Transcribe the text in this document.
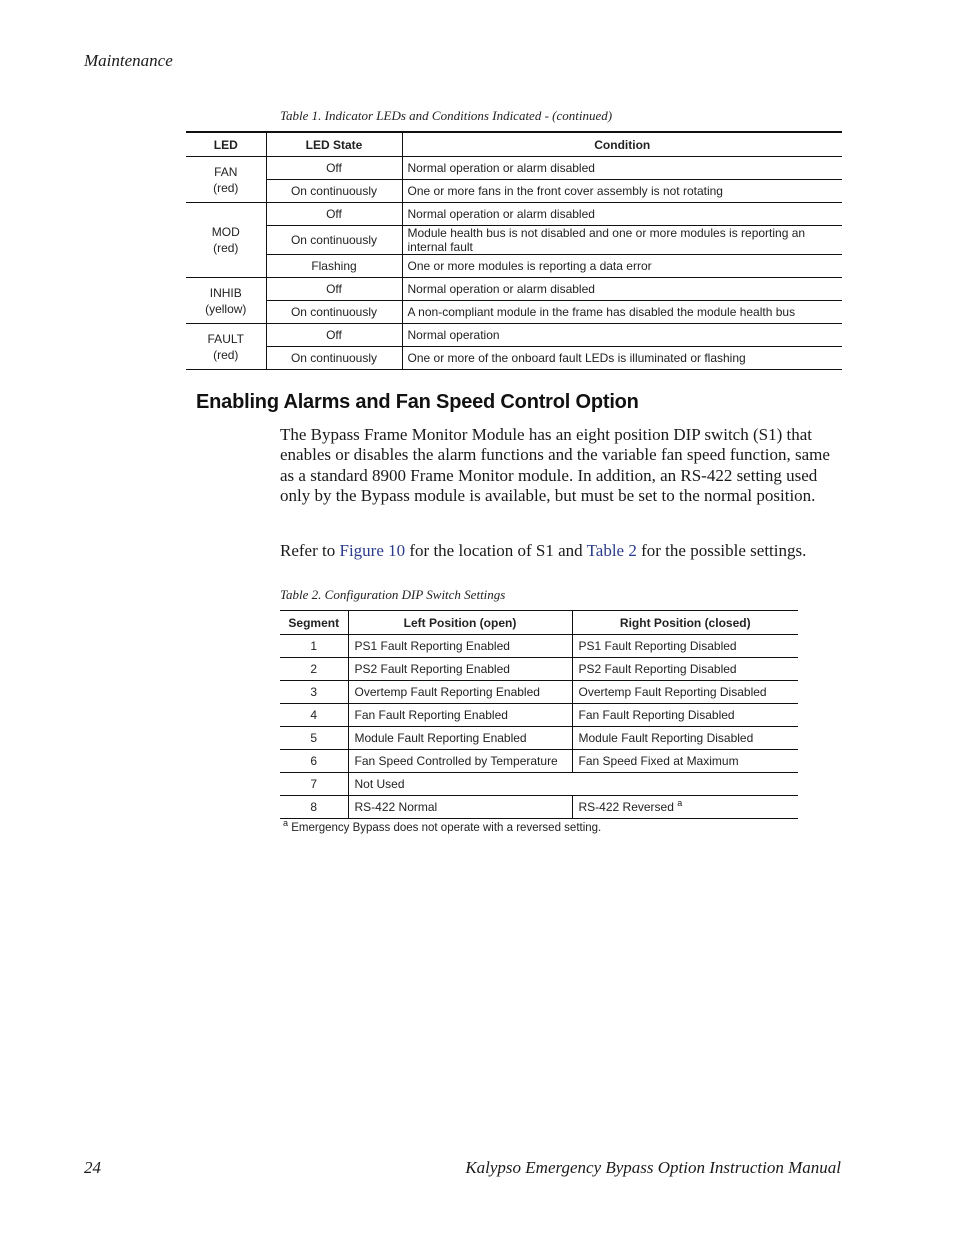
Maintenance
Table 1. Indicator LEDs and Conditions Indicated - (continued)
LED	LED State	Condition
FAN
(red)	Off	Normal operation or alarm disabled
	On continuously	One or more fans in the front cover assembly is not rotating
MOD
(red)	Off	Normal operation or alarm disabled
	On continuously	Module health bus is not disabled and one or more modules is reporting an internal fault
	Flashing	One or more modules is reporting a data error
INHIB
(yellow)	Off	Normal operation or alarm disabled
	On continuously	A non-compliant module in the frame has disabled the module health bus
FAULT
(red)	Off	Normal operation
	On continuously	One or more of the onboard fault LEDs is illuminated or flashing
Enabling Alarms and Fan Speed Control Option

The Bypass Frame Monitor Module has an eight position DIP switch (S1) that enables or disables the alarm functions and the variable fan speed function, same as a standard 8900 Frame Monitor module. In addition, an RS-422 setting used only by the Bypass module is available, but must be set to the normal position.

Refer to Figure 10 for the location of S1 and Table 2 for the possible settings.

Table 2. Configuration DIP Switch Settings
Segment	Left Position (open)	Right Position (closed)
1	PS1 Fault Reporting Enabled	PS1 Fault Reporting Disabled
2	PS2 Fault Reporting Enabled	PS2 Fault Reporting Disabled
3	Overtemp Fault Reporting Enabled	Overtemp Fault Reporting Disabled
4	Fan Fault Reporting Enabled	Fan Fault Reporting Disabled
5	Module Fault Reporting Enabled	Module Fault Reporting Disabled
6	Fan Speed Controlled by Temperature	Fan Speed Fixed at Maximum
7	Not Used	
8	RS-422 Normal	RS-422 Reversed $^a$
$^a$ Emergency Bypass does not operate with a reversed setting.
24	Kalypso Emergency Bypass Option Instruction Manual
